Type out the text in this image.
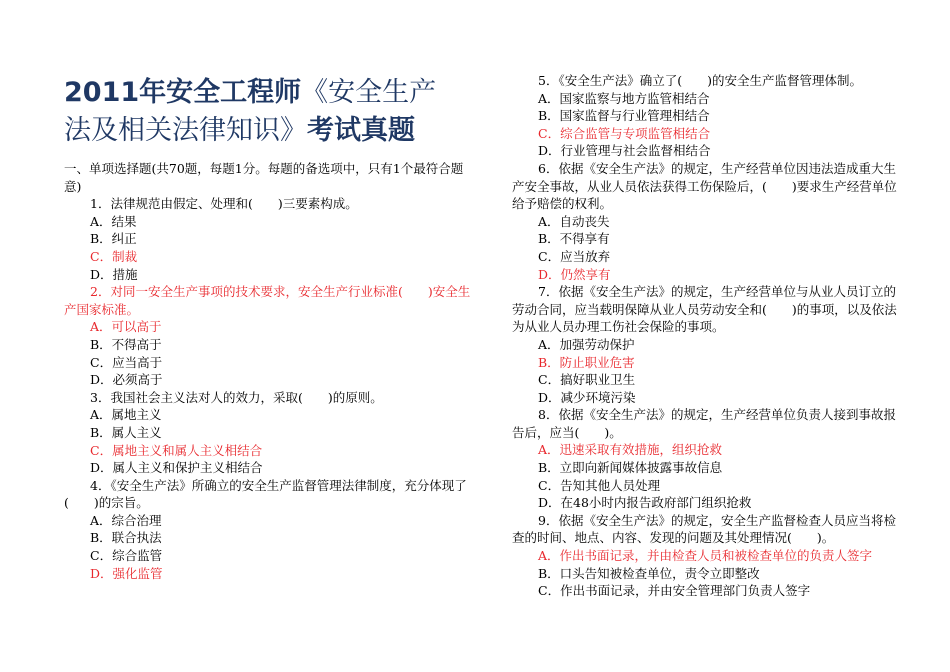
2011年安全工程师《安全生产
法及相关法律知识》考试真题
一、单项选择题(共70题，每题1分。每题的备选项中，只有1个最符合题意)
1．法律规范由假定、处理和(　　)三要素构成。
A．结果
B．纠正
C．制裁
D．措施
2．对同一安全生产事项的技术要求，安全生产行业标准(　　)安全生产国家标准。
A．可以高于
B．不得高于
C．应当高于
D．必须高于
3．我国社会主义法对人的效力，采取(　　)的原则。
A．属地主义
B．属人主义
C．属地主义和属人主义相结合
D．属人主义和保护主义相结合
4．《安全生产法》所确立的安全生产监督管理法律制度，充分体现了(　　)的宗旨。
A．综合治理
B．联合执法
C．综合监管
D．强化监管
5．《安全生产法》确立了(　　)的安全生产监督管理体制。
A．国家监察与地方监管相结合
B．国家监督与行业管理相结合
C．综合监管与专项监管相结合
D．行业管理与社会监督相结合
6．依据《安全生产法》的规定，生产经营单位因违法造成重大生产安全事故，从业人员依法获得工伤保险后，(　　)要求生产经营单位给予赔偿的权利。
A．自动丧失
B．不得享有
C．应当放弃
D．仍然享有
7．依据《安全生产法》的规定，生产经营单位与从业人员订立的劳动合同，应当载明保障从业人员劳动安全和(　　)的事项，以及依法为从业人员办理工伤社会保险的事项。
A．加强劳动保护
B．防止职业危害
C．搞好职业卫生
D．减少环境污染
8．依据《安全生产法》的规定，生产经营单位负责人接到事故报告后，应当(　　)。
A．迅速采取有效措施，组织抢救
B．立即向新闻媒体披露事故信息
C．告知其他人员处理
D．在48小时内报告政府部门组织抢救
9．依据《安全生产法》的规定，安全生产监督检查人员应当将检查的时间、地点、内容、发现的问题及其处理情况(　　)。
A．作出书面记录，并由检查人员和被检查单位的负责人签字
B．口头告知被检查单位，责令立即整改
C．作出书面记录，并由安全管理部门负责人签字
